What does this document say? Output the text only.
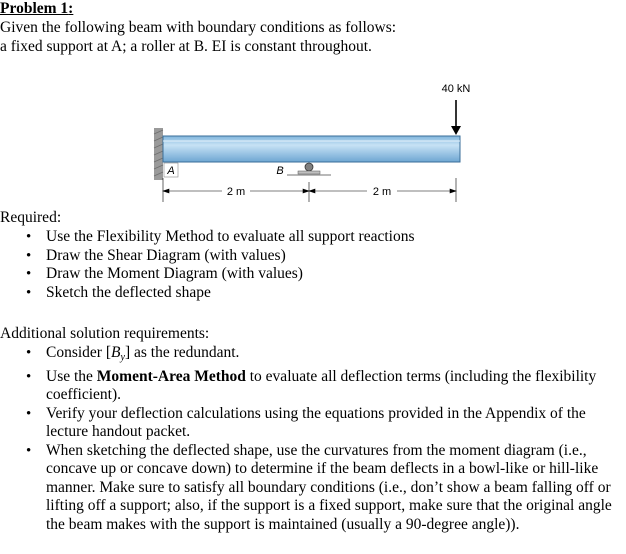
Problem 1:
Given the following beam with boundary conditions as follows:
a fixed support at A; a roller at B. EI is constant throughout.
40 kN
A	B
2 m	2 m
Required:
• Use the Flexibility Method to evaluate all support reactions
• Draw the Shear Diagram (with values)
• Draw the Moment Diagram (with values)
• Sketch the deflected shape
Additional solution requirements:
• Consider $[B_y]$ as the redundant.
• Use the Moment-Area Method to evaluate all deflection terms (including the flexibility coefficient).
• Verify your deflection calculations using the equations provided in the Appendix of the lecture handout packet.
• When sketching the deflected shape, use the curvatures from the moment diagram (i.e., concave up or concave down) to determine if the beam deflects in a bowl-like or hill-like manner. Make sure to satisfy all boundary conditions (i.e., don’t show a beam falling off or lifting off a support; also, if the support is a fixed support, make sure that the original angle the beam makes with the support is maintained (usually a 90-degree angle)).
